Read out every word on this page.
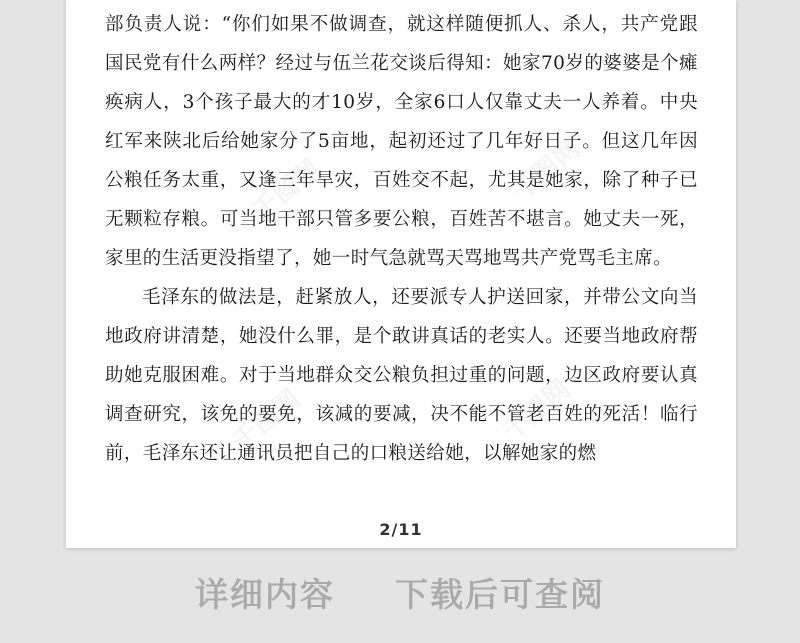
千图网	千图网
千图网	千图网

部负责人说：“你们如果不做调查，就这样随便抓人、杀人，共产党跟国民党有什么两样？经过与伍兰花交谈后得知：她家70岁的婆婆是个瘫痪病人，3个孩子最大的才10岁，全家6口人仅靠丈夫一人养着。中央红军来陕北后给她家分了5亩地，起初还过了几年好日子。但这几年因公粮任务太重，又逢三年旱灾，百姓交不起，尤其是她家，除了种子已无颗粒存粮。可当地干部只管多要公粮，百姓苦不堪言。她丈夫一死，家里的生活更没指望了，她一时气急就骂天骂地骂共产党骂毛主席。

毛泽东的做法是，赶紧放人，还要派专人护送回家，并带公文向当地政府讲清楚，她没什么罪，是个敢讲真话的老实人。还要当地政府帮助她克服困难。对于当地群众交公粮负担过重的问题，边区政府要认真调查研究，该免的要免，该减的要减，决不能不管老百姓的死活！临行前，毛泽东还让通讯员把自己的口粮送给她，以解她家的燃

2/11
详细内容 下载后可查阅
